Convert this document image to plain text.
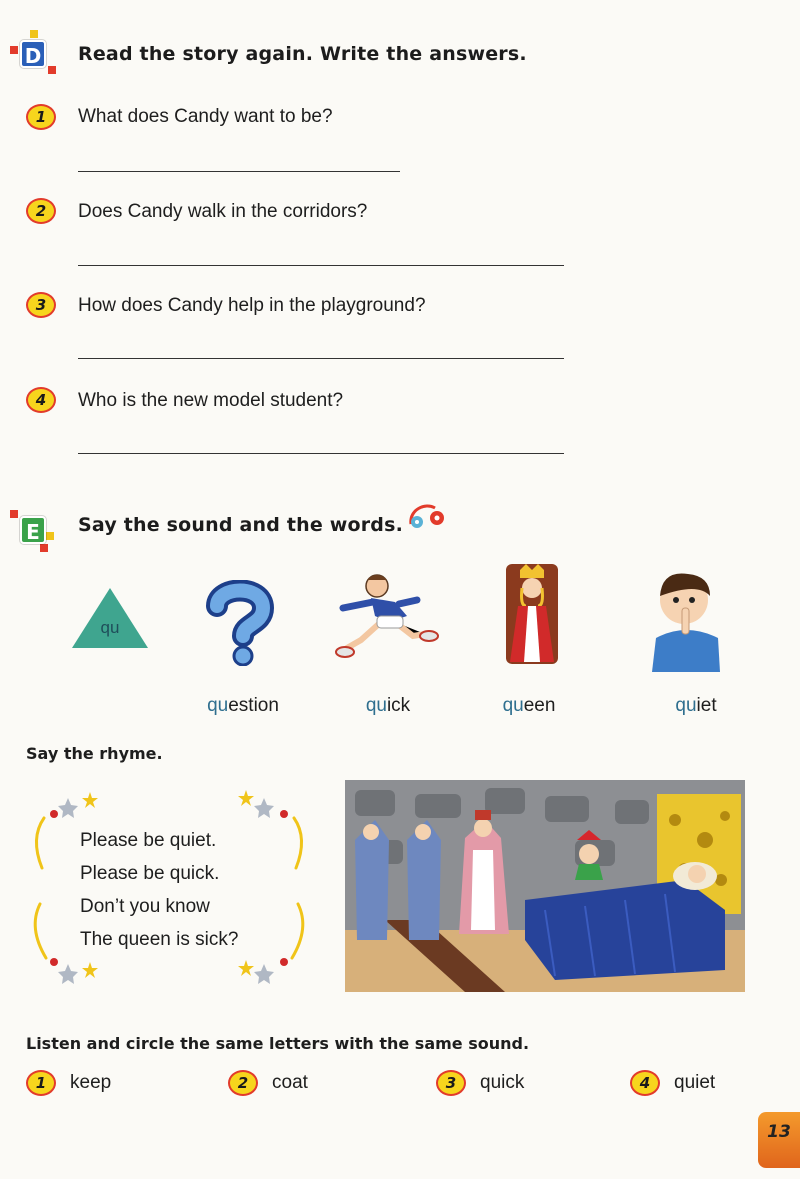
D Read the story again. Write the answers.
1	What does Candy want to be?
2	Does Candy walk in the corridors?
3	How does Candy help in the playground?
4	Who is the new model student?
E	Say the sound and the words.
qu
question	quick	queen	quiet
Say the rhyme.
Please be quiet.
Please be quick.
Don’t you know
The queen is sick?
Listen and circle the same letters with the same sound.
1	keep	2	coat	3	quick	4	quiet
13
